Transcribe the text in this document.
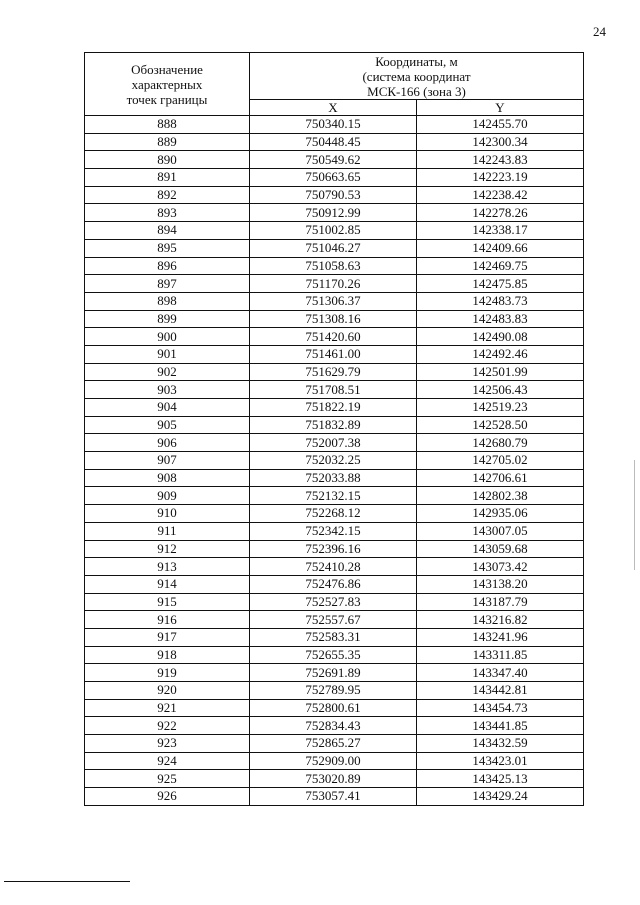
24
Обозначение
характерных
точек границы	Координаты, м
(система координат
МСК-166 (зона 3)	
	X	Y
888	750340.15	142455.70
889	750448.45	142300.34
890	750549.62	142243.83
891	750663.65	142223.19
892	750790.53	142238.42
893	750912.99	142278.26
894	751002.85	142338.17
895	751046.27	142409.66
896	751058.63	142469.75
897	751170.26	142475.85
898	751306.37	142483.73
899	751308.16	142483.83
900	751420.60	142490.08
901	751461.00	142492.46
902	751629.79	142501.99
903	751708.51	142506.43
904	751822.19	142519.23
905	751832.89	142528.50
906	752007.38	142680.79
907	752032.25	142705.02
908	752033.88	142706.61
909	752132.15	142802.38
910	752268.12	142935.06
911	752342.15	143007.05
912	752396.16	143059.68
913	752410.28	143073.42
914	752476.86	143138.20
915	752527.83	143187.79
916	752557.67	143216.82
917	752583.31	143241.96
918	752655.35	143311.85
919	752691.89	143347.40
920	752789.95	143442.81
921	752800.61	143454.73
922	752834.43	143441.85
923	752865.27	143432.59
924	752909.00	143423.01
925	753020.89	143425.13
926	753057.41	143429.24
